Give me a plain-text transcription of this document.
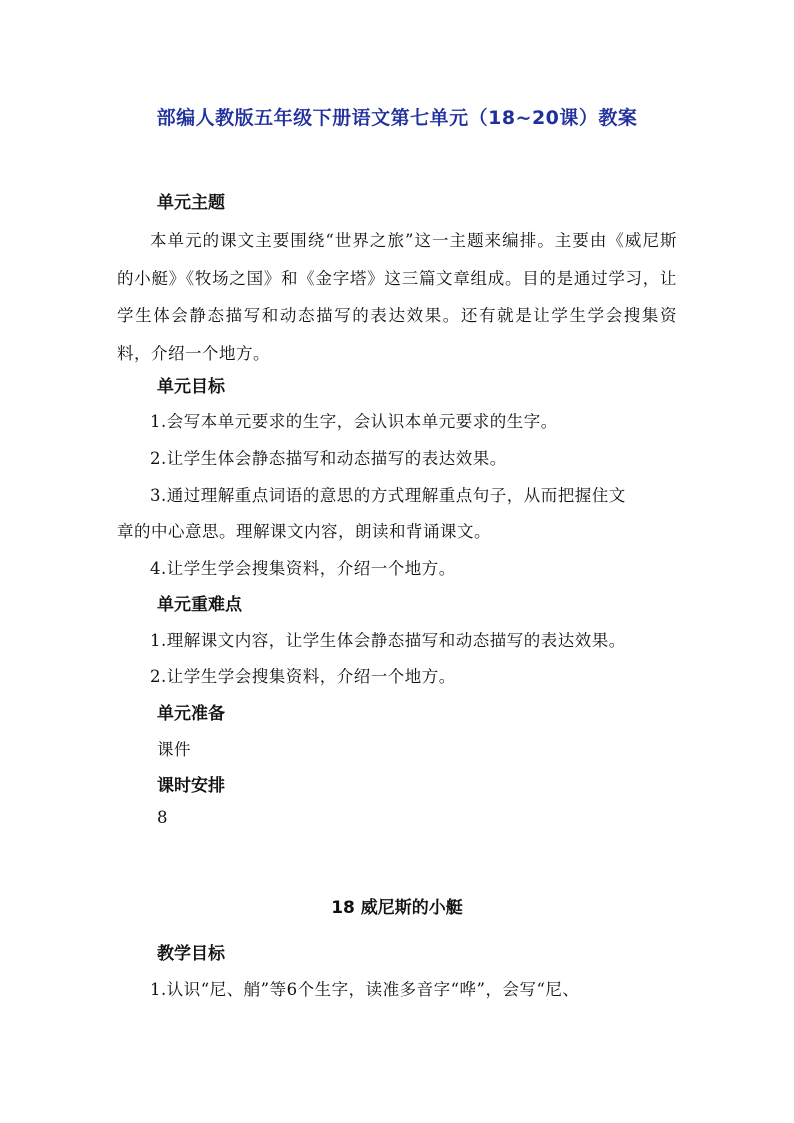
部编人教版五年级下册语文第七单元（18~20课）教案
单元主题

本单元的课文主要围绕“世界之旅”这一主题来编排。主要由《威尼斯的小艇》《牧场之国》和《金字塔》这三篇文章组成。目的是通过学习，让学生体会静态描写和动态描写的表达效果。还有就是让学生学会搜集资料，介绍一个地方。

单元目标

1.会写本单元要求的生字，会认识本单元要求的生字。

2.让学生体会静态描写和动态描写的表达效果。

3.通过理解重点词语的意思的方式理解重点句子，从而把握住文

章的中心意思。理解课文内容，朗读和背诵课文。

4.让学生学会搜集资料，介绍一个地方。

单元重难点

1.理解课文内容，让学生体会静态描写和动态描写的表达效果。

2.让学生学会搜集资料，介绍一个地方。

单元准备

课件

课时安排

8

18 威尼斯的小艇
教学目标

1.认识“尼、艄”等6个生字，读准多音字“哗”，会写“尼、
